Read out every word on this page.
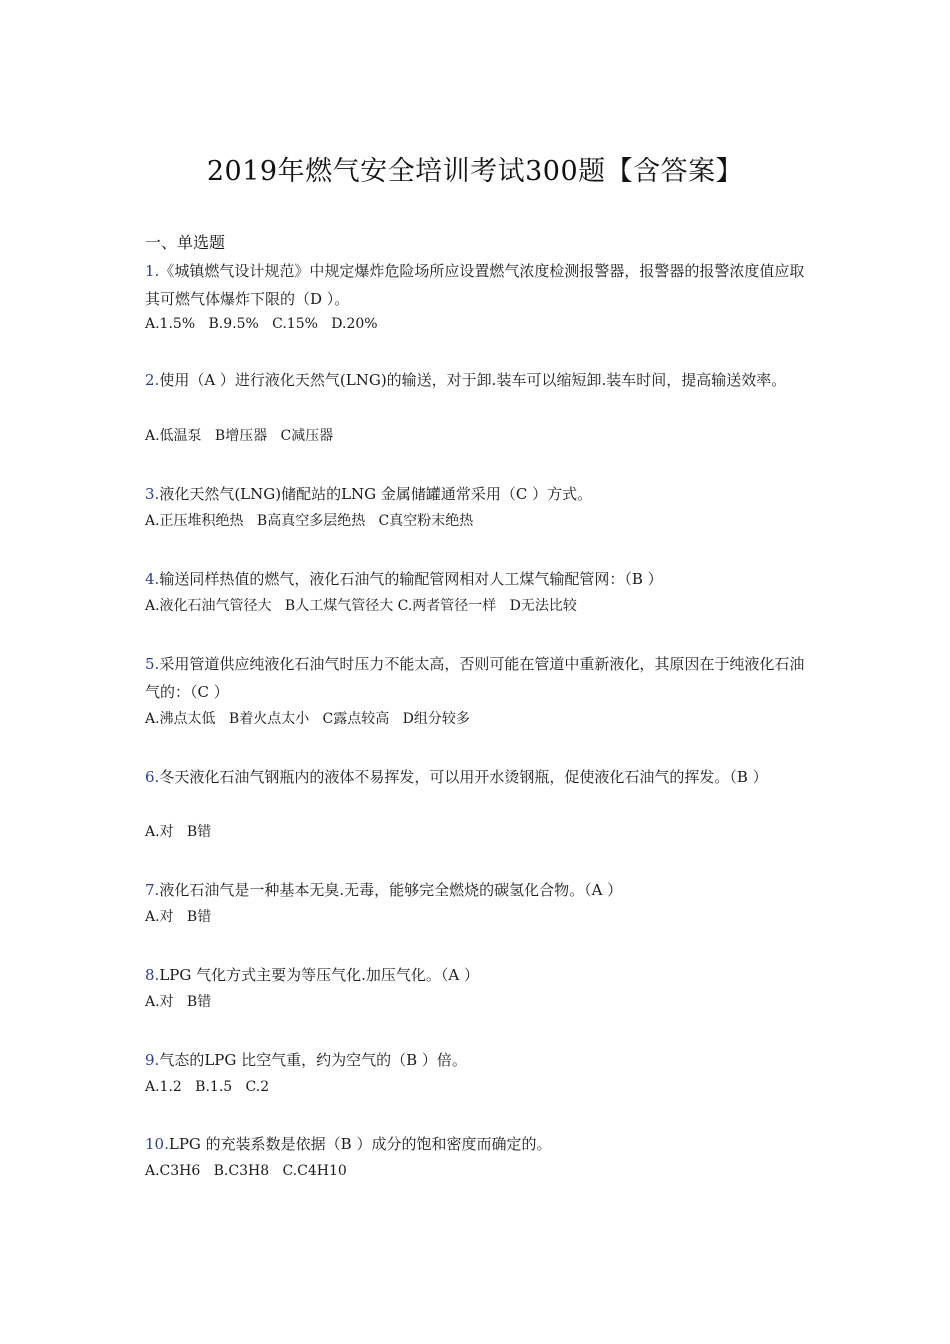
2019年燃气安全培训考试300题【含答案】
一、单选题
1.《城镇燃气设计规范》中规定爆炸危险场所应设置燃气浓度检测报警器，报警器的报警浓度值应取其可燃气体爆炸下限的（D ）。
A.1.5%   B.9.5%   C.15%   D.20%
2.使用（A ）进行液化天然气(LNG)的输送，对于卸.装车可以缩短卸.装车时间，提高输送效率。
A.低温泵   B增压器   C减压器
3.液化天然气(LNG)储配站的LNG 金属储罐通常采用（C ）方式。
A.正压堆积绝热   B高真空多层绝热   C真空粉末绝热
4.输送同样热值的燃气，液化石油气的输配管网相对人工煤气输配管网：（B ）
A.液化石油气管径大   B人工煤气管径大 C.两者管径一样   D无法比较
5.采用管道供应纯液化石油气时压力不能太高，否则可能在管道中重新液化，其原因在于纯液化石油气的：（C ）
A.沸点太低   B着火点太小   C露点较高   D组分较多
6.冬天液化石油气钢瓶内的液体不易挥发，可以用开水烫钢瓶，促使液化石油气的挥发。（B ）
A.对   B错
7.液化石油气是一种基本无臭.无毒，能够完全燃烧的碳氢化合物。（A ）
A.对   B错
8.LPG 气化方式主要为等压气化.加压气化。（A ）
A.对   B错
9.气态的LPG 比空气重，约为空气的（B ）倍。
A.1.2   B.1.5   C.2
10.LPG 的充装系数是依据（B ）成分的饱和密度而确定的。
A.C3H6   B.C3H8   C.C4H10
